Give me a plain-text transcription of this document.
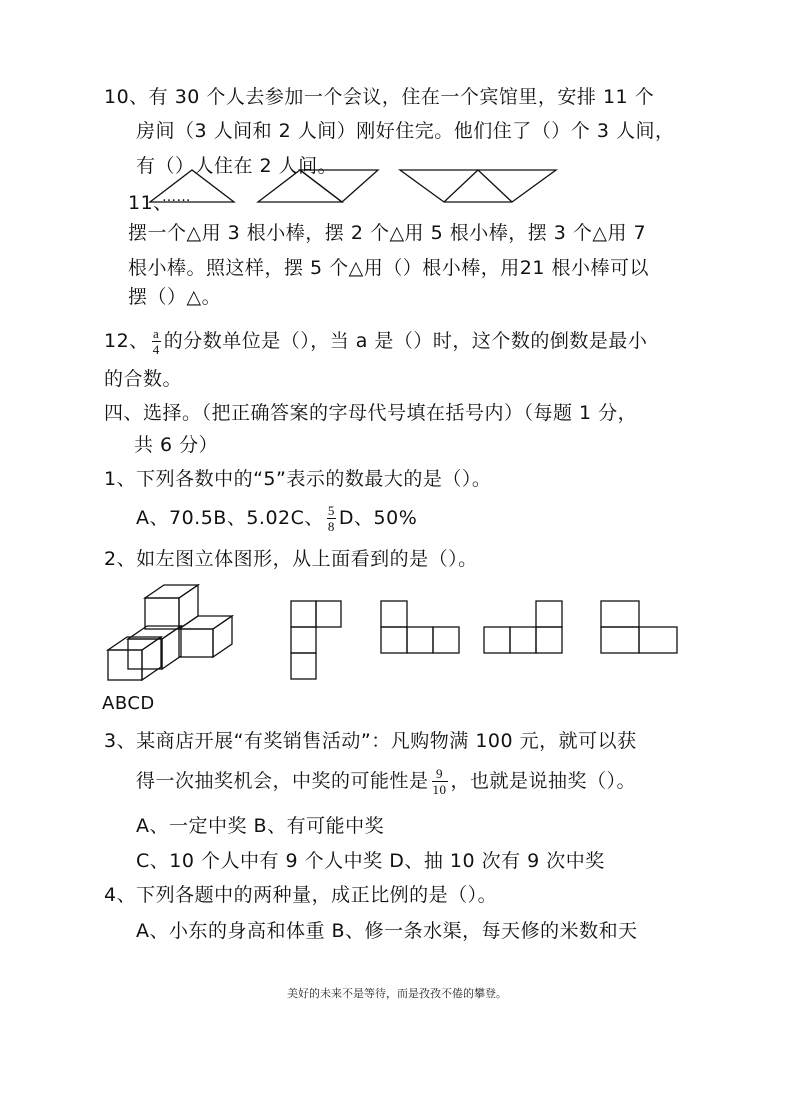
10、有 30 个人去参加一个会议，住在一个宾馆里，安排 11 个
房间（3 人间和 2 人间）刚好住完。他们住了（）个 3 人间，
有（）人住在 2 人间。
11、
……
摆一个△用 3 根小棒，摆 2 个△用 5 根小棒，摆 3 个△用 7
根小棒。照这样，摆 5 个△用（）根小棒，用21 根小棒可以
摆（）△。
12、 $\frac{a}{4}$ 的分数单位是（），当 a 是（）时，这个数的倒数是最小
的合数。
四、选择。（把正确答案的字母代号填在括号内）（每题 1 分，
共 6 分）
1、下列各数中的“5”表示的数最大的是（）。
A、70.5B、5.02C、 $\frac{5}{8}$ D、50%
2、如左图立体图形，从上面看到的是（）。
ABCD
3、某商店开展“有奖销售活动”：凡购物满 100 元，就可以获
得一次抽奖机会，中奖的可能性是 $\frac{9}{10}$ ，也就是说抽奖（）。
A、一定中奖 B、有可能中奖
C、10 个人中有 9 个人中奖 D、抽 10 次有 9 次中奖
4、下列各题中的两种量，成正比例的是（）。
A、小东的身高和体重 B、修一条水渠，每天修的米数和天
美好的未来不是等待，而是孜孜不倦的攀登。
